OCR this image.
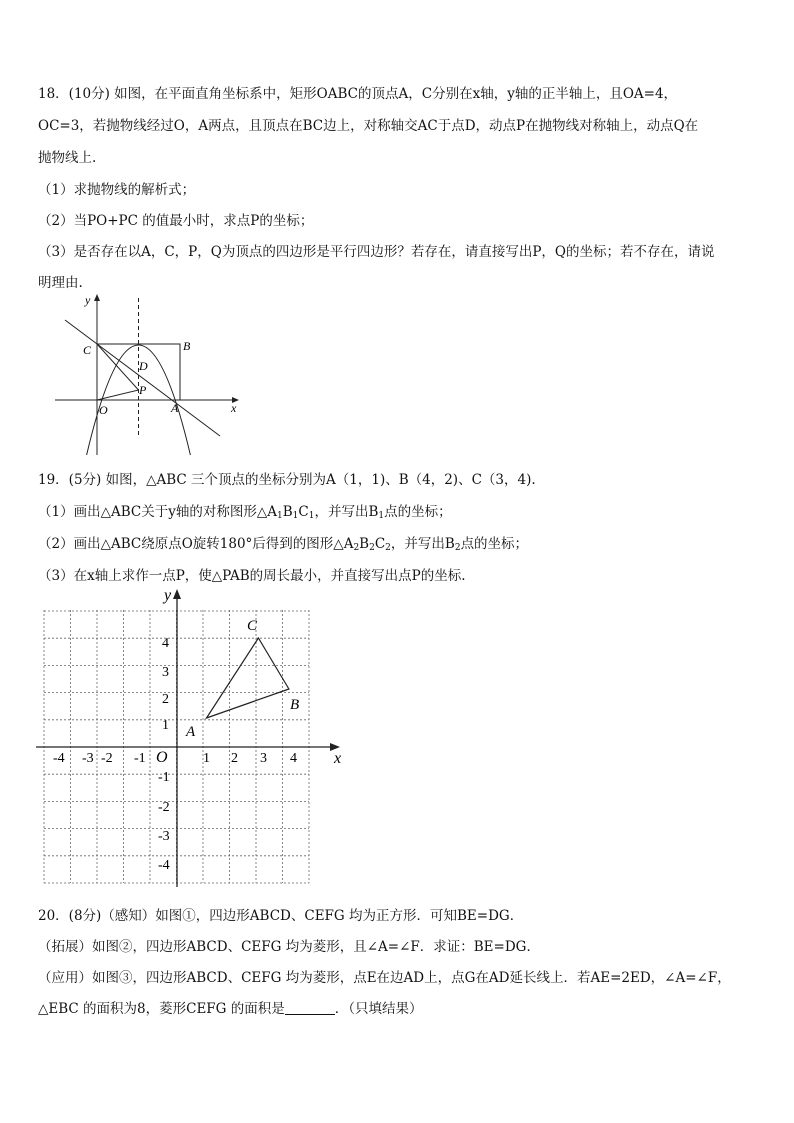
18．(10分) 如图，在平面直角坐标系中，矩形OABC的顶点A，C分别在x轴，y轴的正半轴上，且OA=4，
OC=3，若抛物线经过O，A两点，且顶点在BC边上，对称轴交AC于点D，动点P在抛物线对称轴上，动点Q在
抛物线上.
（1）求抛物线的解析式；
（2）当PO+PC 的值最小时，求点P的坐标；
（3）是否存在以A，C，P，Q为顶点的四边形是平行四边形？若存在，请直接写出P，Q的坐标；若不存在，请说
明理由.
y
x
C	B
D
P
O	A
19．(5分) 如图，△ABC 三个顶点的坐标分别为A（1，1)、B（4，2)、C（3，4).
（1）画出△ABC关于y轴的对称图形$\triangle A_1B_1C_1$，并写出$B_1$点的坐标；
（2）画出△ABC绕原点O旋转180°后得到的图形$\triangle A_2B_2C_2$，并写出$B_2$点的坐标；
（3）在x轴上求作一点P，使△PAB的周长最小，并直接写出点P的坐标.
y
x
O
A
B
C
-4 -3 -2 -1	1 2 3 4
1
2
3
4
-1
-2
-3
-4
20．(8分)（感知）如图①，四边形ABCD、CEFG 均为正方形．可知BE=DG．
（拓展）如图②，四边形ABCD、CEFG 均为菱形，且∠A=∠F．求证：BE=DG．
（应用）如图③，四边形ABCD、CEFG 均为菱形，点E在边AD上，点G在AD延长线上．若AE=2ED，∠A=∠F，
△EBC 的面积为8，菱形CEFG 的面积是	．（只填结果）
